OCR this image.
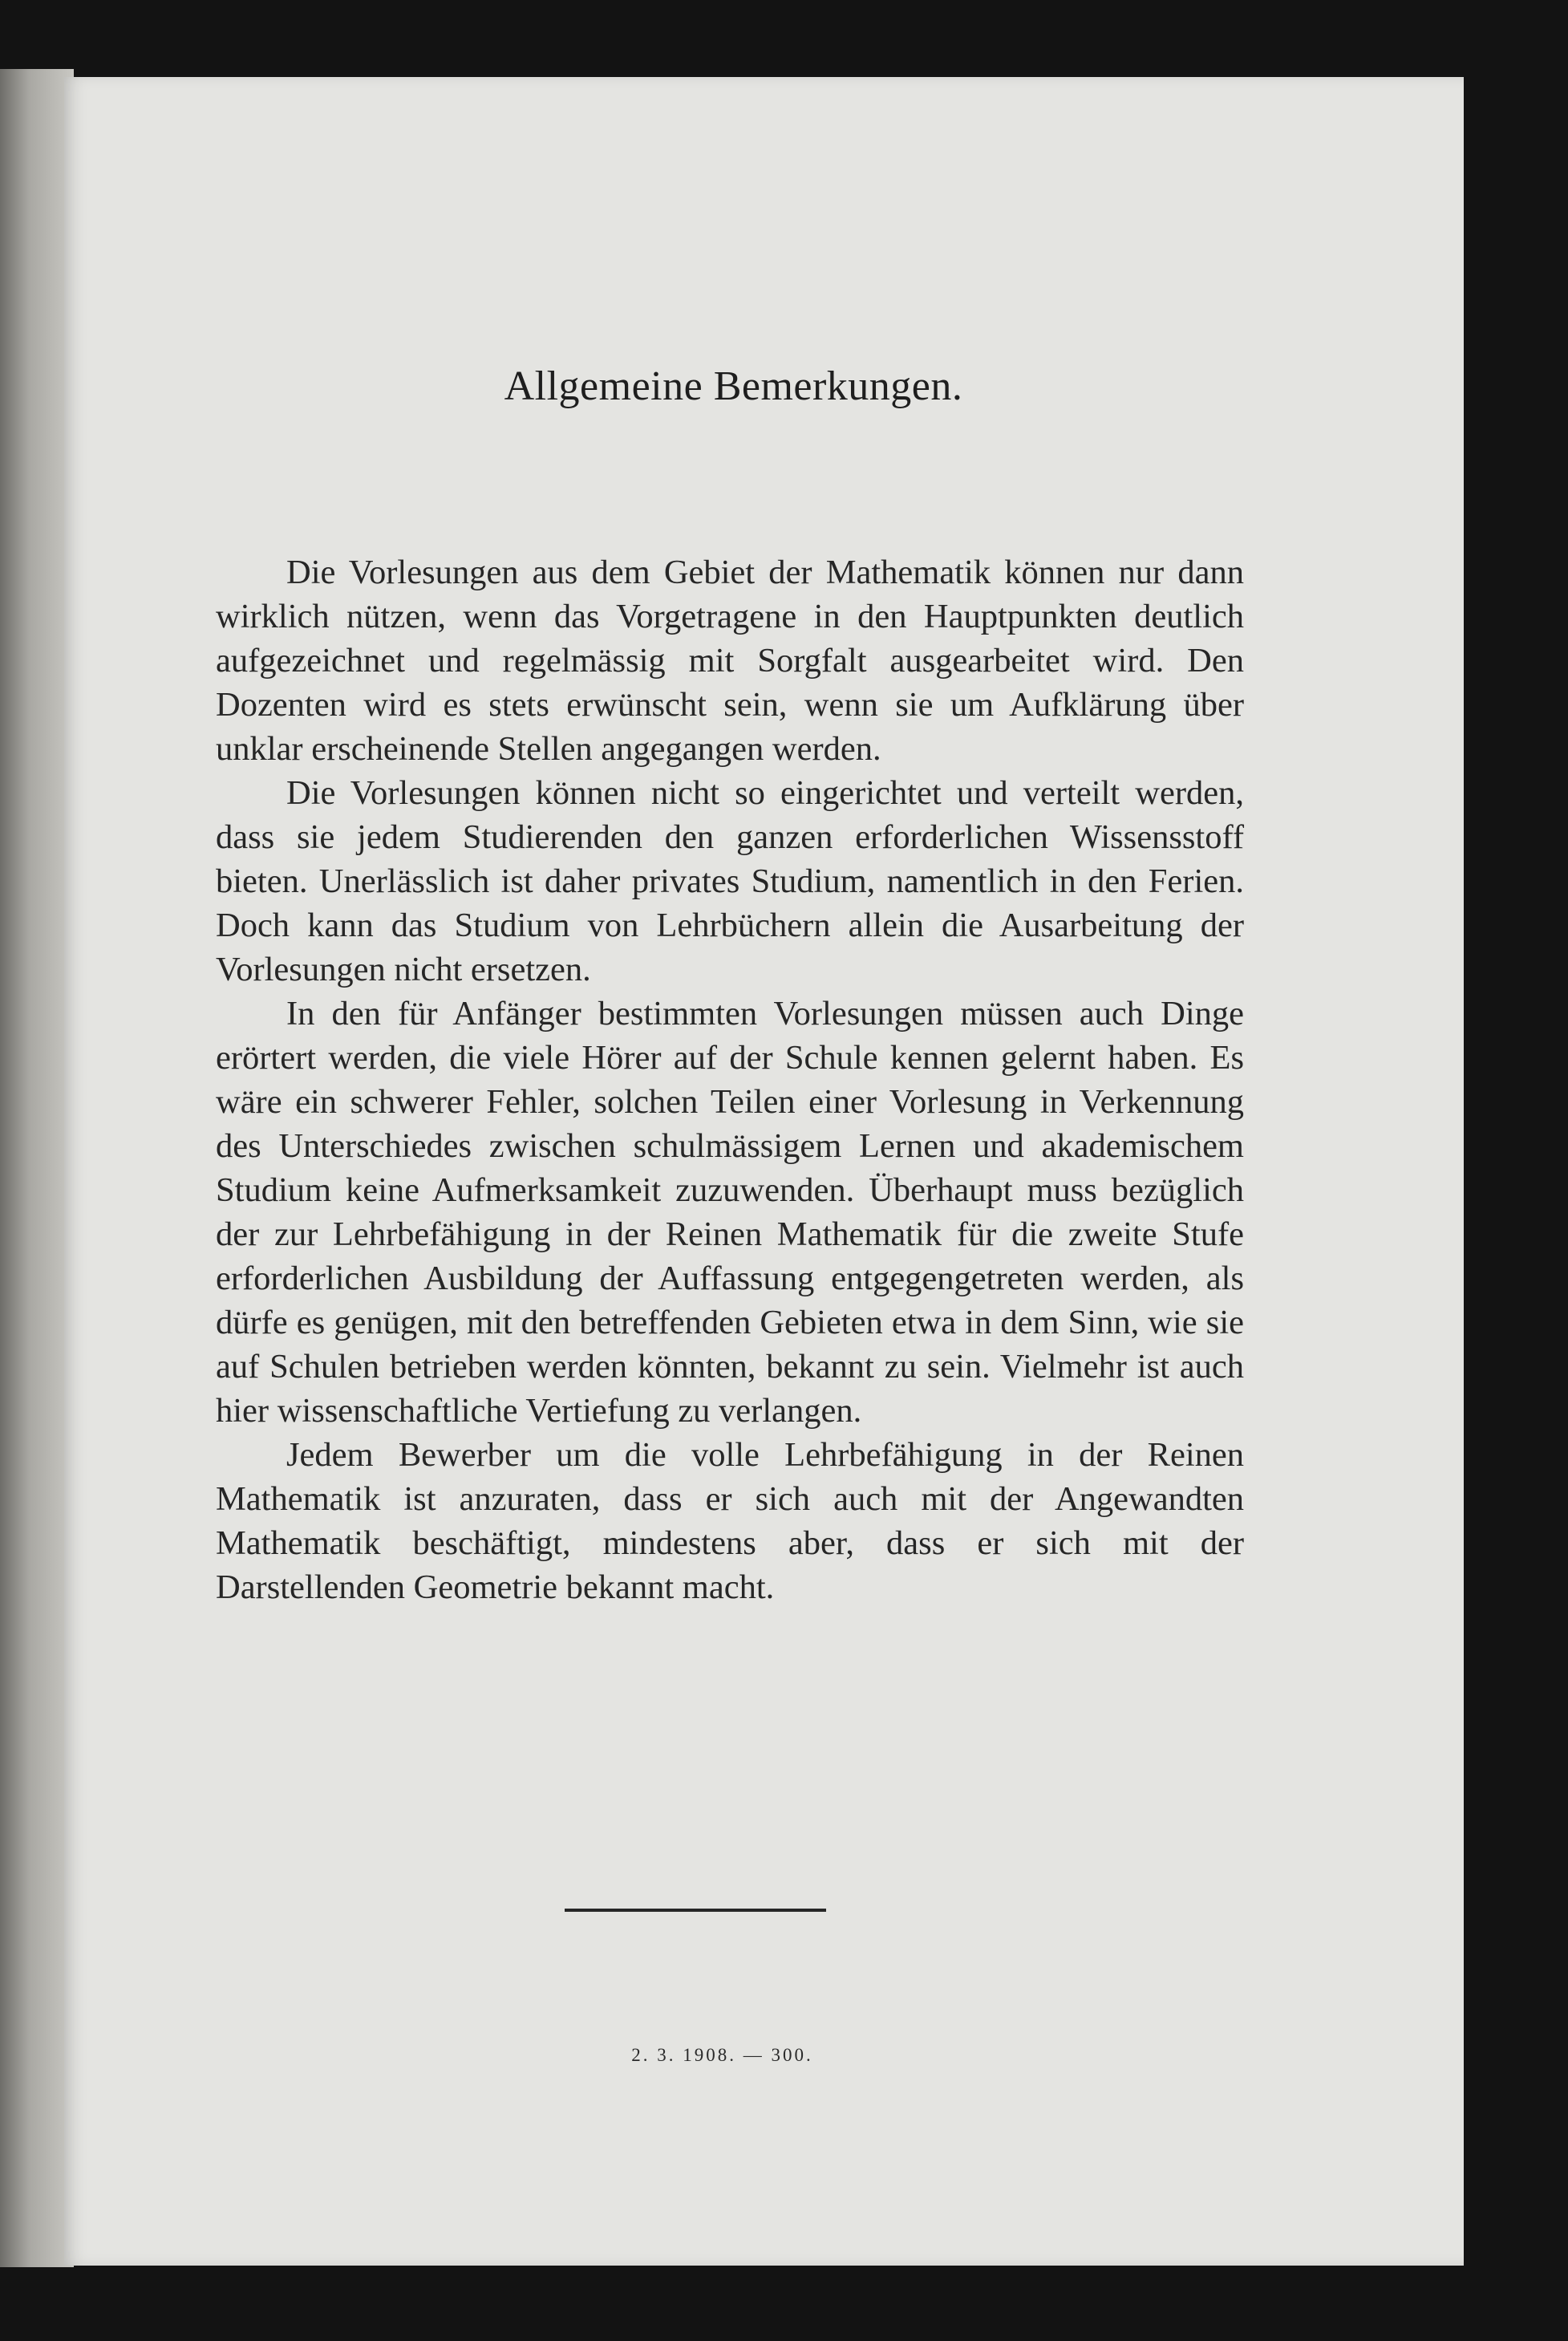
Allgemeine Bemerkungen.

Die Vorlesungen aus dem Gebiet der Mathematik können nur dann wirklich nützen, wenn das Vorgetragene in den Hauptpunkten deutlich aufgezeichnet und regelmässig mit Sorgfalt ausgearbeitet wird. Den Dozenten wird es stets erwünscht sein, wenn sie um Aufklärung über unklar erscheinende Stellen angegangen werden.

Die Vorlesungen können nicht so eingerichtet und verteilt werden, dass sie jedem Studierenden den ganzen erforderlichen Wissensstoff bieten. Unerlässlich ist daher privates Studium, namentlich in den Ferien. Doch kann das Studium von Lehrbüchern allein die Ausarbeitung der Vorlesungen nicht ersetzen.

In den für Anfänger bestimmten Vorlesungen müssen auch Dinge erörtert werden, die viele Hörer auf der Schule kennen gelernt haben. Es wäre ein schwerer Fehler, solchen Teilen einer Vorlesung in Verkennung des Unterschiedes zwischen schulmässigem Lernen und akademischem Studium keine Aufmerksamkeit zuzuwenden. Überhaupt muss bezüglich der zur Lehrbefähigung in der Reinen Mathematik für die zweite Stufe erforderlichen Ausbildung der Auffassung entgegengetreten werden, als dürfe es genügen, mit den betreffenden Gebieten etwa in dem Sinn, wie sie auf Schulen betrieben werden könnten, bekannt zu sein. Vielmehr ist auch hier wissenschaftliche Vertiefung zu verlangen.

Jedem Bewerber um die volle Lehrbefähigung in der Reinen Mathematik ist anzuraten, dass er sich auch mit der Angewandten Mathematik beschäftigt, mindestens aber, dass er sich mit der Darstellenden Geometrie bekannt macht.

2. 3. 1908. — 300.
